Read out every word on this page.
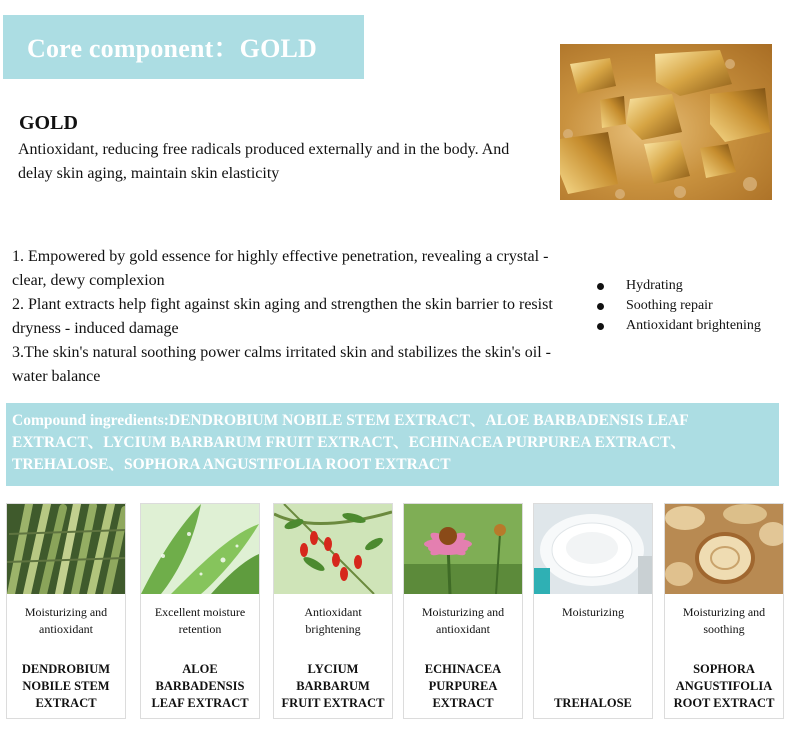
Core component：GOLD
GOLD
Antioxidant, reducing free radicals produced externally and in the body. And delay skin aging, maintain skin elasticity
1. Empowered by gold essence for highly effective penetration, revealing a crystal - clear, dewy complexion
2. Plant extracts help fight against skin aging and strengthen the skin barrier to resist dryness - induced damage
3.The skin's natural soothing power calms irritated skin and stabilizes the skin's oil - water balance
Hydrating
Soothing repair
Antioxidant brightening
Compound ingredients:DENDROBIUM NOBILE STEM EXTRACT、ALOE BARBADENSIS LEAF EXTRACT、LYCIUM BARBARUM FRUIT EXTRACT、ECHINACEA PURPUREA EXTRACT、TREHALOSE、SOPHORA ANGUSTIFOLIA ROOT EXTRACT
Moisturizing and antioxidant
DENDROBIUM NOBILE STEM EXTRACT
Excellent moisture retention
ALOE BARBADENSIS LEAF EXTRACT
Antioxidant brightening
LYCIUM BARBARUM FRUIT EXTRACT
Moisturizing and antioxidant
ECHINACEA PURPUREA EXTRACT
Moisturizing
TREHALOSE
Moisturizing and soothing
SOPHORA ANGUSTIFOLIA ROOT EXTRACT
